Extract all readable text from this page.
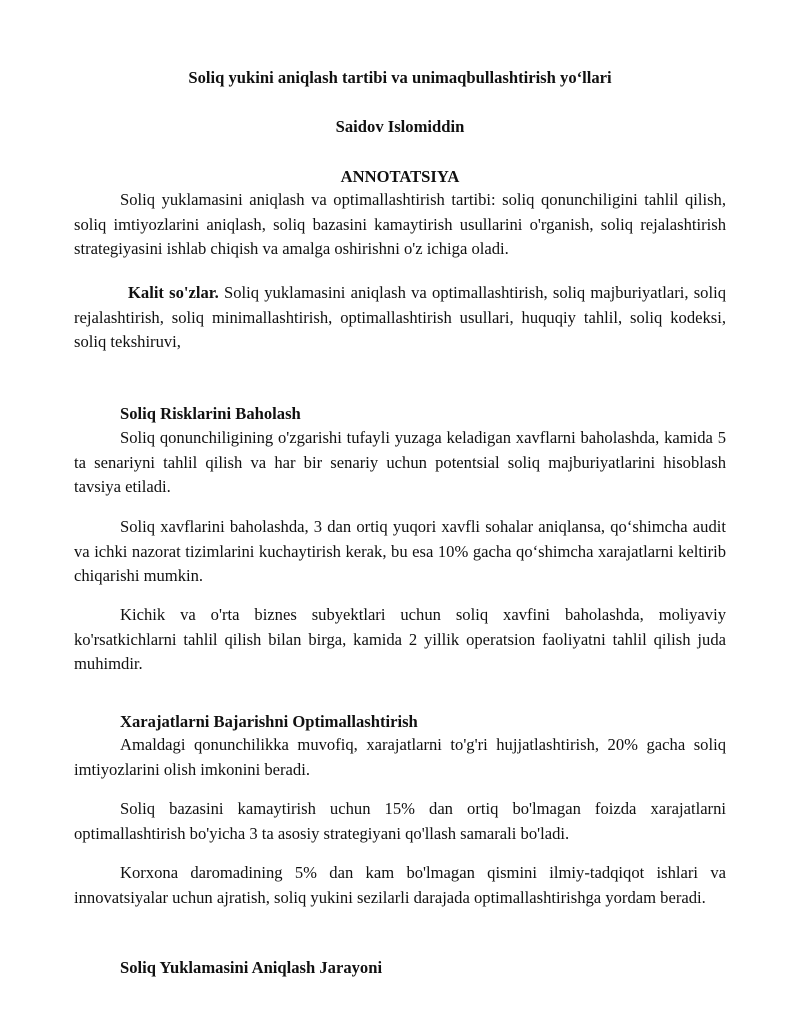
Soliq yukini aniqlash tartibi va unimaqbullashtirish yo‘llari
Saidov Islomiddin
ANNOTATSIYA

Soliq yuklamasini aniqlash va optimallashtirish tartibi: soliq qonunchiligini tahlil qilish, soliq imtiyozlarini aniqlash, soliq bazasini kamaytirish usullarini o'rganish, soliq rejalashtirish strategiyasini ishlab chiqish va amalga oshirishni o'z ichiga oladi.

Kalit so'zlar. Soliq yuklamasini aniqlash va optimallashtirish, soliq majburiyatlari, soliq rejalashtirish, soliq minimallashtirish, optimallashtirish usullari, huquqiy tahlil, soliq kodeksi, soliq tekshiruvi,

Soliq Risklarini Baholash

Soliq qonunchiligining o'zgarishi tufayli yuzaga keladigan xavflarni baholashda, kamida 5 ta senariyni tahlil qilish va har bir senariy uchun potentsial soliq majburiyatlarini hisoblash tavsiya etiladi.

Soliq xavflarini baholashda, 3 dan ortiq yuqori xavfli sohalar aniqlansa, qo‘shimcha audit va ichki nazorat tizimlarini kuchaytirish kerak, bu esa 10% gacha qo‘shimcha xarajatlarni keltirib chiqarishi mumkin.

Kichik va o'rta biznes subyektlari uchun soliq xavfini baholashda, moliyaviy ko'rsatkichlarni tahlil qilish bilan birga, kamida 2 yillik operatsion faoliyatni tahlil qilish juda muhimdir.

Xarajatlarni Bajarishni Optimallashtirish

Amaldagi qonunchilikka muvofiq, xarajatlarni to'g'ri hujjatlashtirish, 20% gacha soliq imtiyozlarini olish imkonini beradi.

Soliq bazasini kamaytirish uchun 15% dan ortiq bo'lmagan foizda xarajatlarni optimallashtirish bo'yicha 3 ta asosiy strategiyani qo'llash samarali bo'ladi.

Korxona daromadining 5% dan kam bo'lmagan qismini ilmiy-tadqiqot ishlari va innovatsiyalar uchun ajratish, soliq yukini sezilarli darajada optimallashtirishga yordam beradi.

Soliq Yuklamasini Aniqlash Jarayoni
